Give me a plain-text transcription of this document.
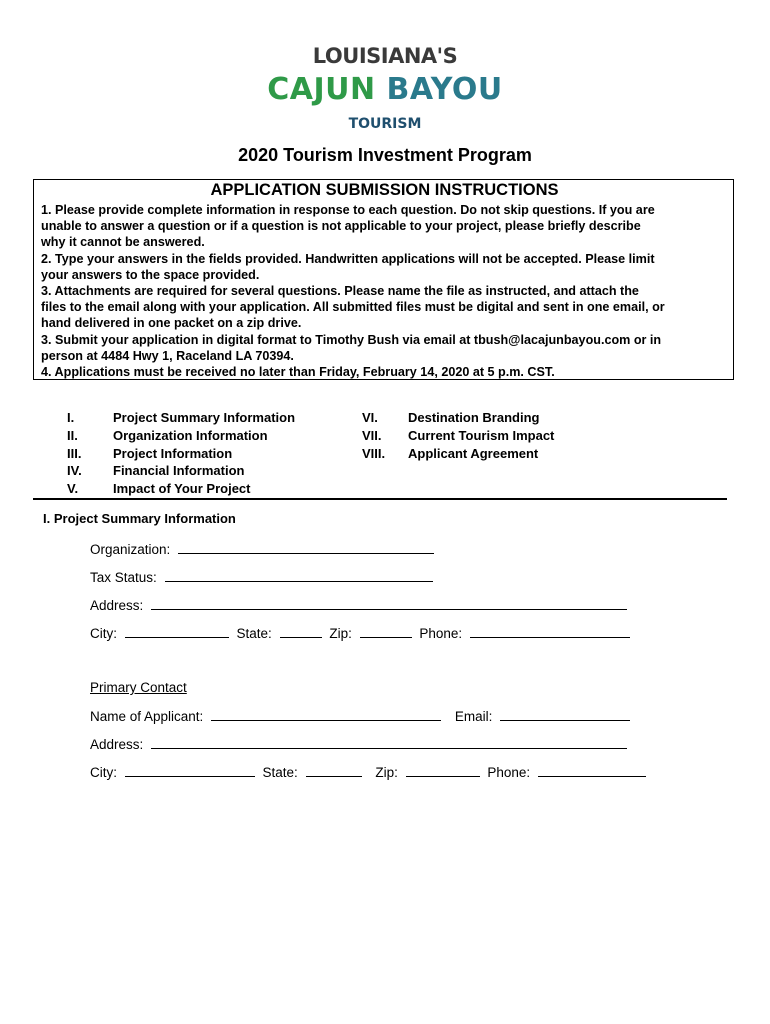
LOUISIANA'S
CAJUN BAYOU
TOURISM
2020 Tourism Investment Program
APPLICATION SUBMISSION INSTRUCTIONS

1. Please provide complete information in response to each question. Do not skip questions. If you are

unable to answer a question or if a question is not applicable to your project, please briefly describe

why it cannot be answered.

2. Type your answers in the fields provided. Handwritten applications will not be accepted. Please limit

your answers to the space provided.

3. Attachments are required for several questions. Please name the file as instructed, and attach the

files to the email along with your application. All submitted files must be digital and sent in one email, or

hand delivered in one packet on a zip drive.

3. Submit your application in digital format to Timothy Bush via email at tbush@lacajunbayou.com or in

person at 4484 Hwy 1, Raceland LA 70394.

4. Applications must be received no later than Friday, February 14, 2020 at 5 p.m. CST.

I.	Project Summary Information
II.	Organization Information
III. Project Information
IV. Financial Information
V.	Impact of Your Project
VI. Destination Branding
VII. Current Tourism Impact
VIII. Applicant Agreement
I. Project Summary Information
Organization:
Tax Status:
Address:
City:	State:	Zip:	Phone:
Primary Contact
Name of Applicant:	Email:
Address:
City:	State:	Zip:	Phone:
